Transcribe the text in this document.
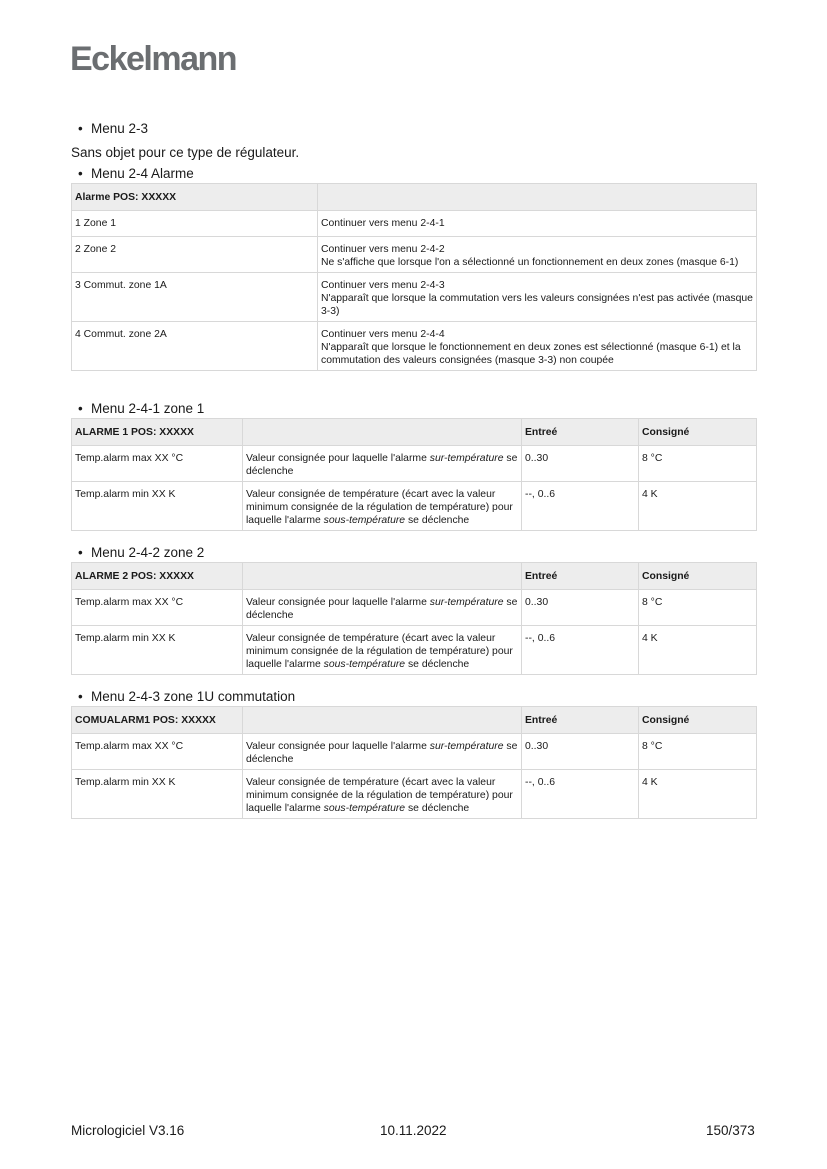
Eckelmann
• Menu 2-3
Sans objet pour ce type de régulateur.
• Menu 2-4 Alarme
Alarme POS: XXXXX	
1 Zone 1	Continuer vers menu 2-4-1

2 Zone 2	Continuer vers menu 2-4-2
Ne s'affiche que lorsque l'on a sélectionné un fonctionnement en deux zones (masque 6-1)

3 Commut. zone 1A	Continuer vers menu 2-4-3
N'apparaît que lorsque la commutation vers les valeurs consignées n'est pas activée (masque 3-3)

4 Commut. zone 2A	Continuer vers menu 2-4-4
N'apparaît que lorsque le fonctionnement en deux zones est sélectionné (masque 6-1) et la commutation des valeurs consignées (masque 3-3) non coupée
• Menu 2-4-1 zone 1
ALARME 1 POS: XXXXX		Entreé	Consigné
Temp.alarm max XX °C	Valeur consignée pour laquelle l'alarme sur-température se déclenche	0..30	8 °C
Temp.alarm min XX K	Valeur consignée de température (écart avec la valeur minimum consignée de la régulation de température) pour laquelle l'alarme sous-température se déclenche	--, 0..6	4 K
• Menu 2-4-2 zone 2
ALARME 2 POS: XXXXX		Entreé	Consigné
Temp.alarm max XX °C	Valeur consignée pour laquelle l'alarme sur-température se déclenche	0..30	8 °C
Temp.alarm min XX K	Valeur consignée de température (écart avec la valeur minimum consignée de la régulation de température) pour laquelle l'alarme sous-température se déclenche	--, 0..6	4 K
• Menu 2-4-3 zone 1U commutation
COMUALARM1 POS: XXXXX		Entreé	Consigné
Temp.alarm max XX °C	Valeur consignée pour laquelle l'alarme sur-température se déclenche	0..30	8 °C
Temp.alarm min XX K	Valeur consignée de température (écart avec la valeur minimum consignée de la régulation de température) pour laquelle l'alarme sous-température se déclenche	--, 0..6	4 K
Micrologiciel V3.16	10.11.2022	150/373
